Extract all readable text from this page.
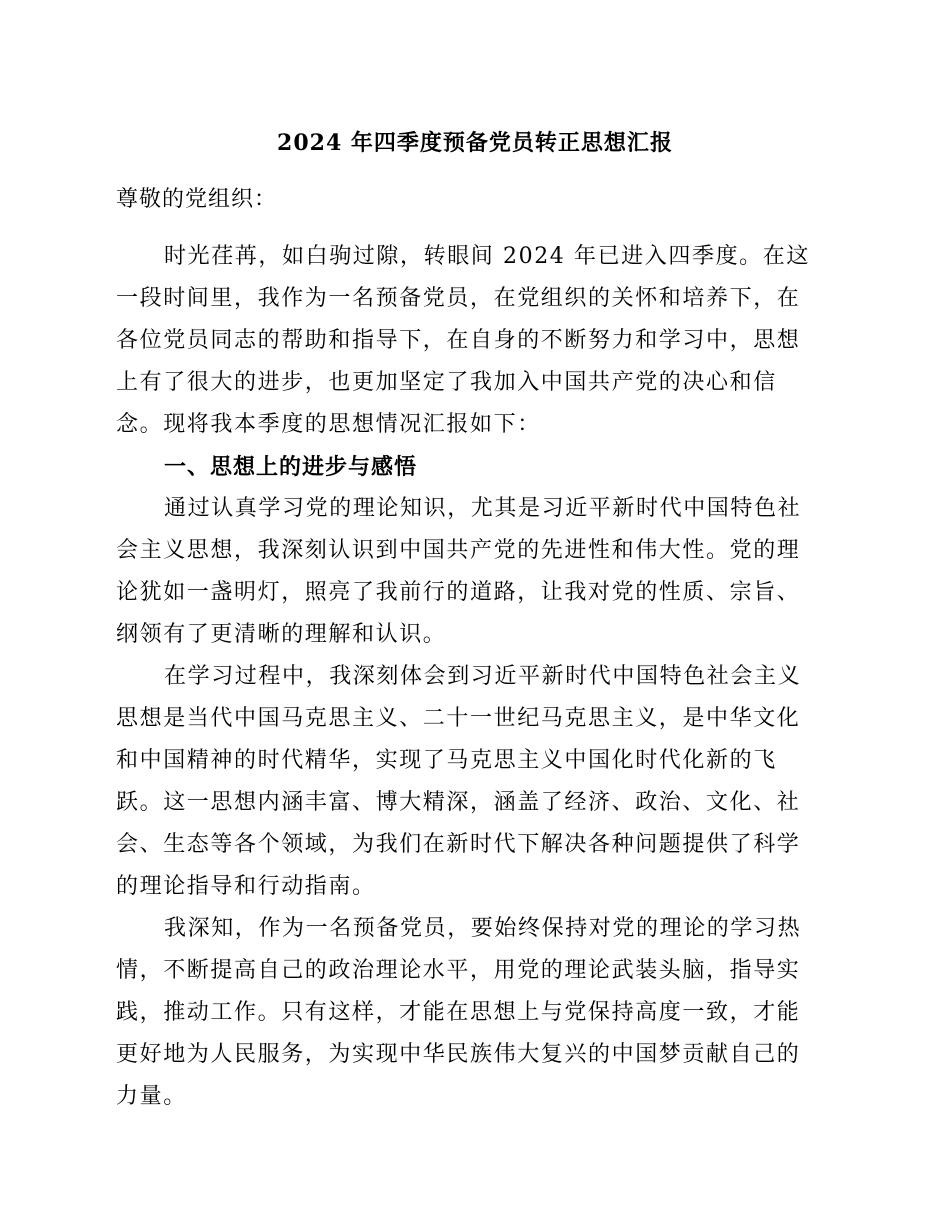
2024 年四季度预备党员转正思想汇报
尊敬的党组织：
时光荏苒，如白驹过隙，转眼间 2024 年已进入四季度。在这
一段时间里，我作为一名预备党员，在党组织的关怀和培养下，在
各位党员同志的帮助和指导下，在自身的不断努力和学习中，思想
上有了很大的进步，也更加坚定了我加入中国共产党的决心和信
念。现将我本季度的思想情况汇报如下：
一、思想上的进步与感悟
通过认真学习党的理论知识，尤其是习近平新时代中国特色社
会主义思想，我深刻认识到中国共产党的先进性和伟大性。党的理
论犹如一盏明灯，照亮了我前行的道路，让我对党的性质、宗旨、
纲领有了更清晰的理解和认识。
在学习过程中，我深刻体会到习近平新时代中国特色社会主义
思想是当代中国马克思主义、二十一世纪马克思主义，是中华文化
和中国精神的时代精华，实现了马克思主义中国化时代化新的飞
跃。这一思想内涵丰富、博大精深，涵盖了经济、政治、文化、社
会、生态等各个领域，为我们在新时代下解决各种问题提供了科学
的理论指导和行动指南。
我深知，作为一名预备党员，要始终保持对党的理论的学习热
情，不断提高自己的政治理论水平，用党的理论武装头脑，指导实
践，推动工作。只有这样，才能在思想上与党保持高度一致，才能
更好地为人民服务，为实现中华民族伟大复兴的中国梦贡献自己的
力量。
